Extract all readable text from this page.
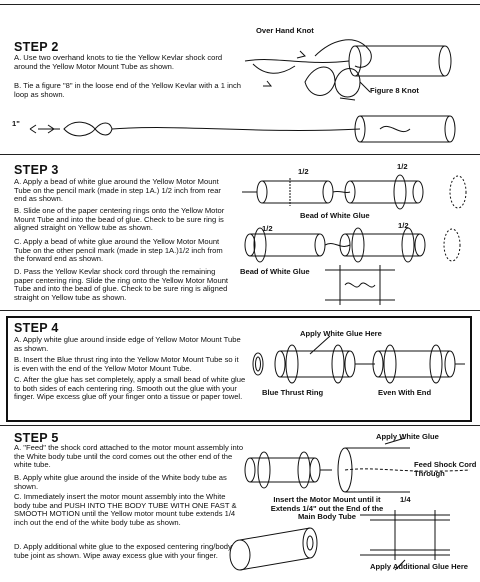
STEP 2
A. Use two overhand knots to tie the Yellow Kevlar shock cord around the Yellow Motor Mount Tube as shown.
B. Tie a figure "8" in the loose end of the Yellow Kevlar with a 1 inch loop as shown.
Over Hand Knot
Figure 8 Knot
1"
STEP 3
A. Apply a bead of white glue around the Yellow Motor Mount Tube on the pencil mark (made in step 1A.) 1/2 inch from rear end as shown.
B. Slide one of the paper centering rings onto the Yellow Motor Mount Tube and into the bead of glue. Check to be sure ring is aligned straight on Yellow tube as shown.
C. Apply a bead of white glue around the Yellow Motor Mount Tube on the other pencil mark (made in step 1A.)1/2 inch from the forward end as shown.
D. Pass the Yellow Kevlar shock cord through the remaining paper centering ring. Slide the ring onto the Yellow Motor Mount Tube and into the bead of glue. Check to be sure ring is aligned straight on Yellow tube as shown.
1/2
1/2
1/2	1/2
Bead of White Glue
Bead of White Glue
STEP 4
A. Apply white glue around inside edge of Yellow Motor Mount Tube as shown.
B. Insert the Blue thrust ring into the Yellow Motor Mount Tube so it is even with the end of the Yellow Motor Mount Tube.
C. After the glue has set completely, apply a small bead of white glue to both sides of each centering ring. Smooth out the glue with your finger. Wipe excess glue off your finger onto a tissue or paper towel.
Apply White Glue Here
Blue Thrust Ring	Even With End
STEP 5
A. "Feed" the shock cord attached to the motor mount assembly into the White body tube until the cord comes out the other end of the white tube.
B. Apply white glue around the inside of the White body tube as shown.
C. Immediately insert the motor mount assembly into the White body tube and PUSH INTO THE BODY TUBE WITH ONE FAST & SMOOTH MOTION until the Yellow motor mount tube extends 1/4 inch out the end of the white body tube as shown.
D. Apply additional white glue to the exposed centering ring/body tube joint as shown. Wipe away excess glue with your finger.
Apply White Glue
Feed Shock Cord Through
Insert the Motor Mount until it Extends 1/4" out the End of the Main Body Tube
1/4
Apply Additional Glue Here
